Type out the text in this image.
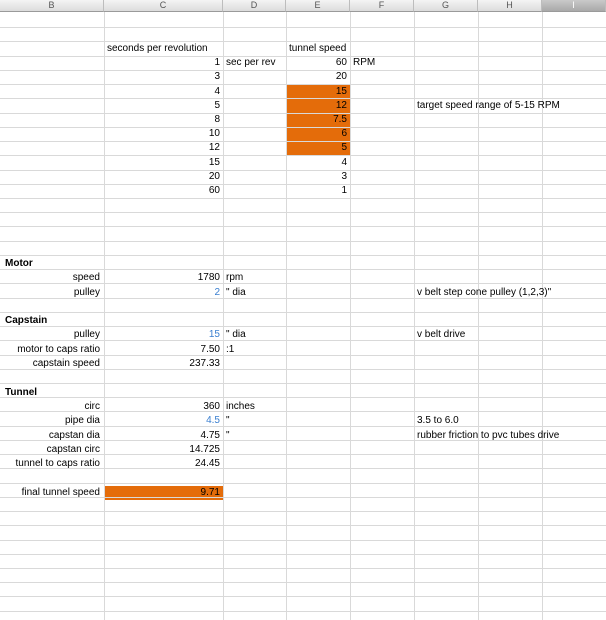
B	C	D	E	F	G	H	I
seconds per revolution	tunnel speed
1 sec per rev	60 RPM
3	20
4	15
5	12	target speed range of 5-15 RPM
8	7.5
10	6
12	5
15	4
20	3
60	1
Motor
speed	1780 rpm
pulley	2 " dia	v belt step cone pulley (1,2,3)"
Capstain
pulley	15 " dia	v belt drive
motor to caps ratio	7.50 :1
capstain speed	237.33
Tunnel
circ	360 inches
pipe dia	4.5 "	3.5 to 6.0
capstan dia	4.75 "	rubber friction to pvc tubes drive
capstan circ	14.725
tunnel to caps ratio	24.45
final tunnel speed	9.71
